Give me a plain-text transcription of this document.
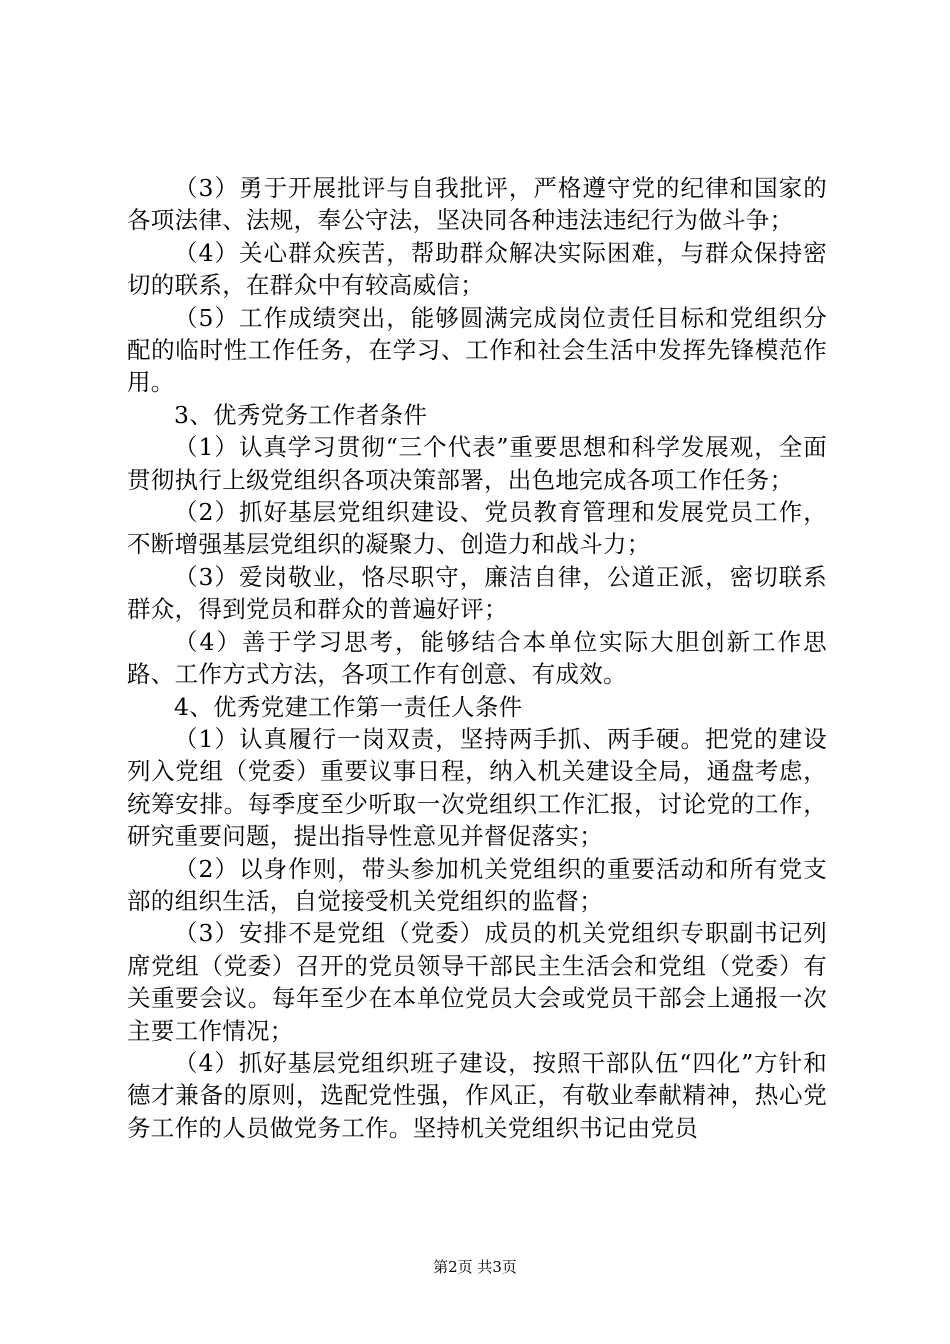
（3）勇于开展批评与自我批评，严格遵守党的纪律和国家的各项法律、法规，奉公守法，坚决同各种违法违纪行为做斗争；

（4）关心群众疾苦，帮助群众解决实际困难，与群众保持密切的联系，在群众中有较高威信；

（5）工作成绩突出，能够圆满完成岗位责任目标和党组织分配的临时性工作任务，在学习、工作和社会生活中发挥先锋模范作用。

3、优秀党务工作者条件

（1）认真学习贯彻“三个代表”重要思想和科学发展观，全面贯彻执行上级党组织各项决策部署，出色地完成各项工作任务；

（2）抓好基层党组织建设、党员教育管理和发展党员工作，不断增强基层党组织的凝聚力、创造力和战斗力；

（3）爱岗敬业，恪尽职守，廉洁自律，公道正派，密切联系群众，得到党员和群众的普遍好评；

（4）善于学习思考，能够结合本单位实际大胆创新工作思路、工作方式方法，各项工作有创意、有成效。

4、优秀党建工作第一责任人条件

（1）认真履行一岗双责，坚持两手抓、两手硬。把党的建设列入党组（党委）重要议事日程，纳入机关建设全局，通盘考虑，统筹安排。每季度至少听取一次党组织工作汇报，讨论党的工作，研究重要问题，提出指导性意见并督促落实；

（2）以身作则，带头参加机关党组织的重要活动和所有党支部的组织生活，自觉接受机关党组织的监督；

（3）安排不是党组（党委）成员的机关党组织专职副书记列席党组（党委）召开的党员领导干部民主生活会和党组（党委）有关重要会议。每年至少在本单位党员大会或党员干部会上通报一次主要工作情况；

（4）抓好基层党组织班子建设，按照干部队伍“四化”方针和德才兼备的原则，选配党性强，作风正，有敬业奉献精神，热心党务工作的人员做党务工作。坚持机关党组织书记由党员

第2页 共3页
